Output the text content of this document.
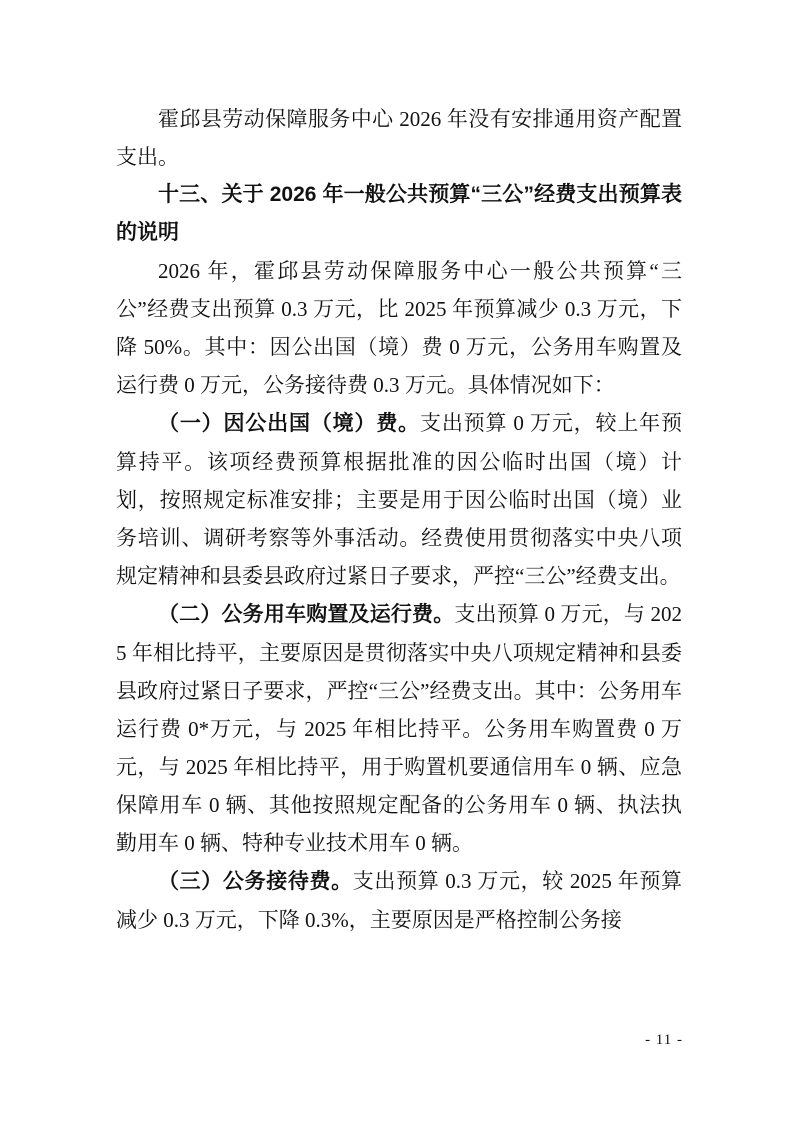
霍邱县劳动保障服务中心 2026 年没有安排通用资产配置支出。

十三、关于 2026 年一般公共预算“三公”经费支出预算表的说明

2026 年，霍邱县劳动保障服务中心一般公共预算“三公”经费支出预算 0.3 万元，比 2025 年预算减少 0.3 万元，下降 50%。其中：因公出国（境）费 0 万元，公务用车购置及运行费 0 万元，公务接待费 0.3 万元。具体情况如下：

（一）因公出国（境）费。支出预算 0 万元，较上年预算持平。该项经费预算根据批准的因公临时出国（境）计划，按照规定标准安排；主要是用于因公临时出国（境）业务培训、调研考察等外事活动。经费使用贯彻落实中央八项规定精神和县委县政府过紧日子要求，严控“三公”经费支出。

（二）公务用车购置及运行费。支出预算 0 万元，与 2025 年相比持平，主要原因是贯彻落实中央八项规定精神和县委县政府过紧日子要求，严控“三公”经费支出。其中：公务用车运行费 0*万元，与 2025 年相比持平。公务用车购置费 0 万元，与 2025 年相比持平，用于购置机要通信用车 0 辆、应急保障用车 0 辆、其他按照规定配备的公务用车 0 辆、执法执勤用车 0 辆、特种专业技术用车 0 辆。

（三）公务接待费。支出预算 0.3 万元，较 2025 年预算减少 0.3 万元，下降 0.3%，主要原因是严格控制公务接

- 11 -
